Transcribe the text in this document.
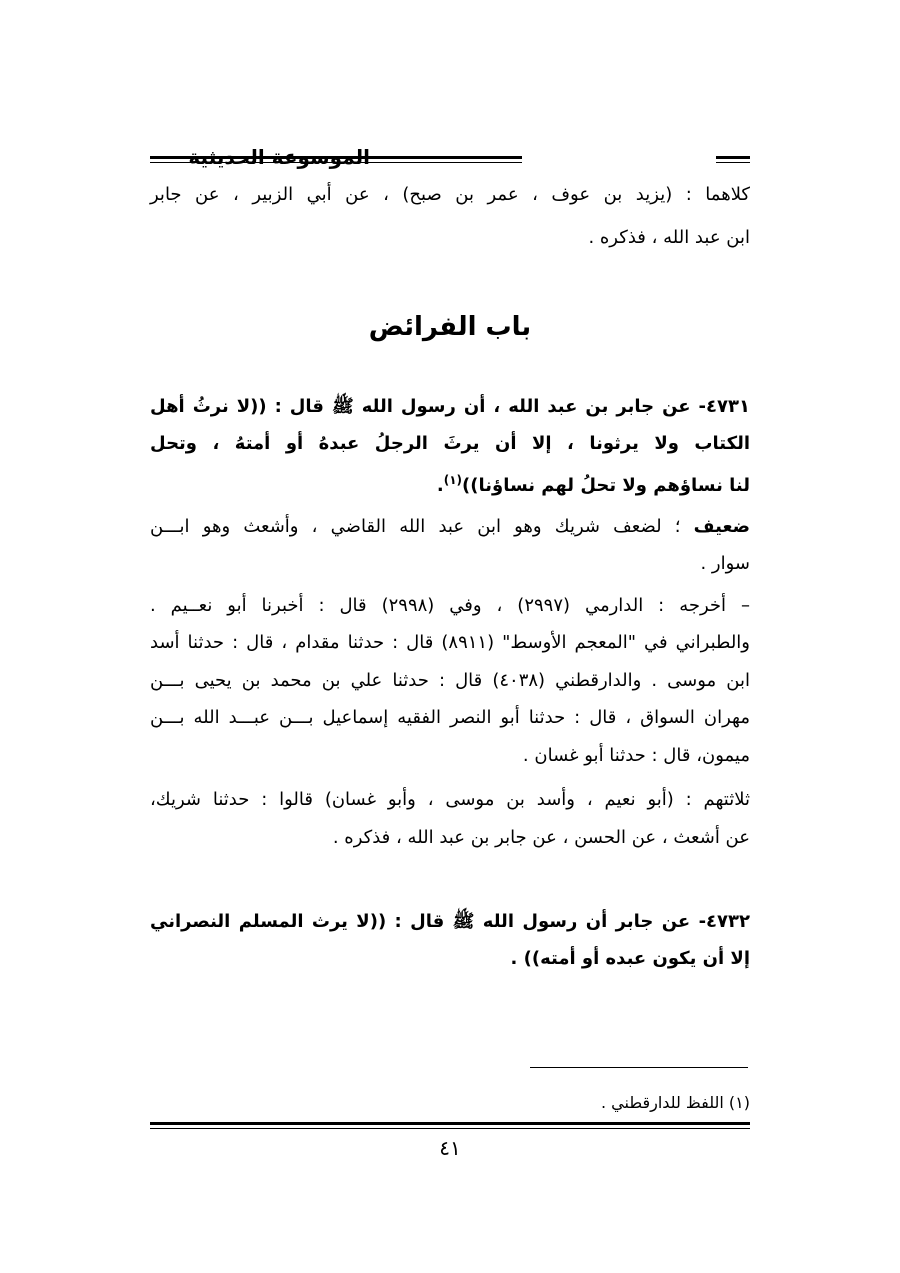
الموسوعة الحديثية
كلاهما : (يزيد بن عوف ، عمر بن صبح) ، عن أبي الزبير ، عن جابر
ابن عبد الله ، فذكره .
باب الفرائض
٤٧٣١- عن جابر بن عبد الله ، أن رسول الله ﷺ قال : ((لا نرثُ أهل
الكتاب ولا يرثونا ، إلا أن يرثَ الرجلُ عبدهُ أو أمتهُ ، وتحل
لنا نساؤهم ولا تحلُ لهم نساؤنا))$^{(١)}$.
ضعيف ؛ لضعف شريك وهو ابن عبد الله القاضي ، وأشعث وهو ابـــن
سوار .
– أخرجه : الدارمي (٢٩٩٧) ، وفي (٢٩٩٨) قال : أخبرنا أبو نعــيم .
والطبراني في "المعجم الأوسط" (٨٩١١) قال : حدثنا مقدام ، قال : حدثنا أسد
ابن موسى . والدارقطني (٤٠٣٨) قال : حدثنا علي بن محمد بن يحيى بـــن
مهران السواق ، قال : حدثنا أبو النصر الفقيه إسماعيل بـــن عبـــد الله بـــن
ميمون، قال : حدثنا أبو غسان .
ثلاثتهم : (أبو نعيم ، وأسد بن موسى ، وأبو غسان) قالوا : حدثنا شريك،
عن أشعث ، عن الحسن ، عن جابر بن عبد الله ، فذكره .
٤٧٣٢- عن جابر أن رسول الله ﷺ قال : ((لا يرث المسلم النصراني
إلا أن يكون عبده أو أمته)) .
(١) اللفظ للدارقطني .
٤١
